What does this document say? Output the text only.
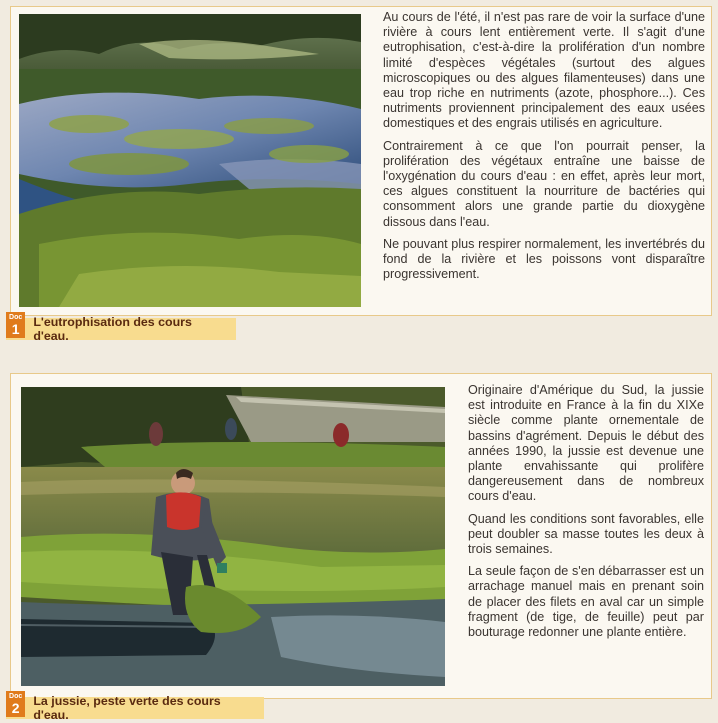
Au cours de l'été, il n'est pas rare de voir la surface d'une rivière à cours lent entièrement verte. Il s'agit d'une eutrophisation, c'est-à-dire la prolifération d'un nombre limité d'espèces végétales (surtout des algues microscopiques ou des algues filamenteuses) dans une eau trop riche en nutriments (azote, phosphore...). Ces nutriments proviennent principalement des eaux usées domestiques et des engrais utilisés en agriculture.

Contrairement à ce que l'on pourrait penser, la prolifération des végétaux entraîne une baisse de l'oxygénation du cours d'eau : en effet, après leur mort, ces algues constituent la nourriture de bactéries qui consomment alors une grande partie du dioxygène dissous dans l'eau.

Ne pouvant plus respirer normalement, les invertébrés du fond de la rivière et les poissons vont disparaître progressivement.

Doc
1 L'eutrophisation des cours d'eau.

Originaire d'Amérique du Sud, la jussie est introduite en France à la fin du XIXe siècle comme plante ornementale de bassins d'agrément. Depuis le début des années 1990, la jussie est devenue une plante envahissante qui prolifère dangereusement dans de nombreux cours d'eau.

Quand les conditions sont favorables, elle peut doubler sa masse toutes les deux à trois semaines.

La seule façon de s'en débarrasser est un arrachage manuel mais en prenant soin de placer des filets en aval car un simple fragment (de tige, de feuille) peut par bouturage redonner une plante entière.

Doc
2 La jussie, peste verte des cours d'eau.
